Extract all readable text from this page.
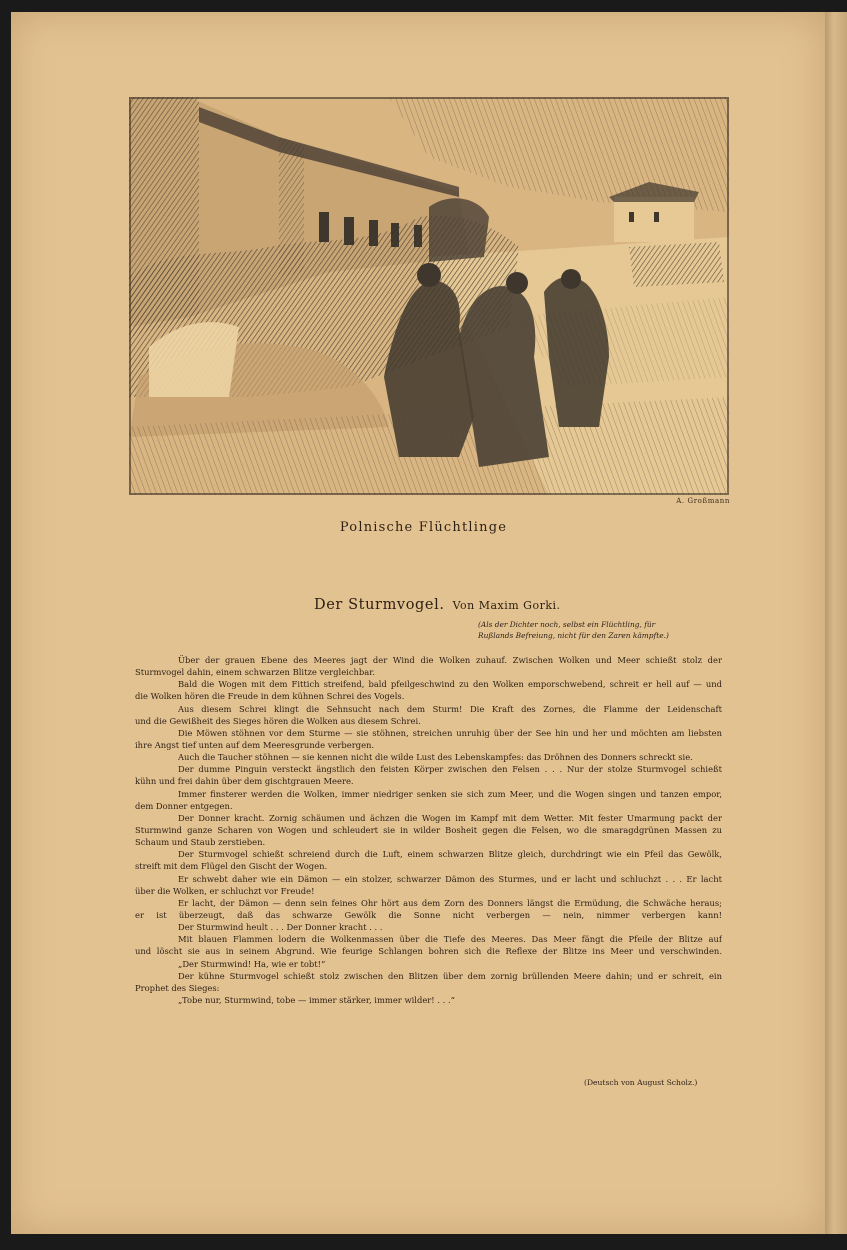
A. Großmann
Polnische Flüchtlinge
Der Sturmvogel. Von Maxim Gorki.
(Als der Dichter noch, selbst ein Flüchtling, für
Rußlands Befreiung, nicht für den Zaren kämpfte.)
Über der grauen Ebene des Meeres jagt der Wind die Wolken zuhauf. Zwischen Wolken und Meer schießt stolz der
Sturmvogel dahin, einem schwarzen Blitze vergleichbar.
Bald die Wogen mit dem Fittich streifend, bald pfeilgeschwind zu den Wolken emporschwebend, schreit er hell auf — und
die Wolken hören die Freude in dem kühnen Schrei des Vogels.
Aus diesem Schrei klingt die Sehnsucht nach dem Sturm! Die Kraft des Zornes, die Flamme der Leidenschaft
und die Gewißheit des Sieges hören die Wolken aus diesem Schrei.
Die Möwen stöhnen vor dem Sturme — sie stöhnen, streichen unruhig über der See hin und her und möchten am liebsten
ihre Angst tief unten auf dem Meeresgrunde verbergen.
Auch die Taucher stöhnen — sie kennen nicht die wilde Lust des Lebenskampfes: das Dröhnen des Donners schreckt sie.
Der dumme Pinguin versteckt ängstlich den feisten Körper zwischen den Felsen . . . Nur der stolze Sturmvogel schießt
kühn und frei dahin über dem gischtgrauen Meere.
Immer finsterer werden die Wolken, immer niedriger senken sie sich zum Meer, und die Wogen singen und tanzen empor,
dem Donner entgegen.
Der Donner kracht. Zornig schäumen und ächzen die Wogen im Kampf mit dem Wetter. Mit fester Umarmung packt der
Sturmwind ganze Scharen von Wogen und schleudert sie in wilder Bosheit gegen die Felsen, wo die smaragdgrünen Massen zu
Schaum und Staub zerstieben.
Der Sturmvogel schießt schreiend durch die Luft, einem schwarzen Blitze gleich, durchdringt wie ein Pfeil das Gewölk,
streift mit dem Flügel den Gischt der Wogen.
Er schwebt daher wie ein Dämon — ein stolzer, schwarzer Dämon des Sturmes, und er lacht und schluchzt . . . Er lacht
über die Wolken, er schluchzt vor Freude!
Er lacht, der Dämon — denn sein feines Ohr hört aus dem Zorn des Donners längst die Ermüdung, die Schwäche heraus;
er ist überzeugt, daß das schwarze Gewölk die Sonne nicht verbergen — nein, nimmer verbergen kann!
Der Sturmwind heult . . . Der Donner kracht . . .
Mit blauen Flammen lodern die Wolkenmassen über die Tiefe des Meeres. Das Meer fängt die Pfeile der Blitze auf
und löscht sie aus in seinem Abgrund. Wie feurige Schlangen bohren sich die Reflexe der Blitze ins Meer und verschwinden.
„Der Sturmwind! Ha, wie er tobt!“
Der kühne Sturmvogel schießt stolz zwischen den Blitzen über dem zornig brüllenden Meere dahin; und er schreit, ein
Prophet des Sieges:
„Tobe nur, Sturmwind, tobe — immer stärker, immer wilder! . . .“
(Deutsch von August Scholz.)
